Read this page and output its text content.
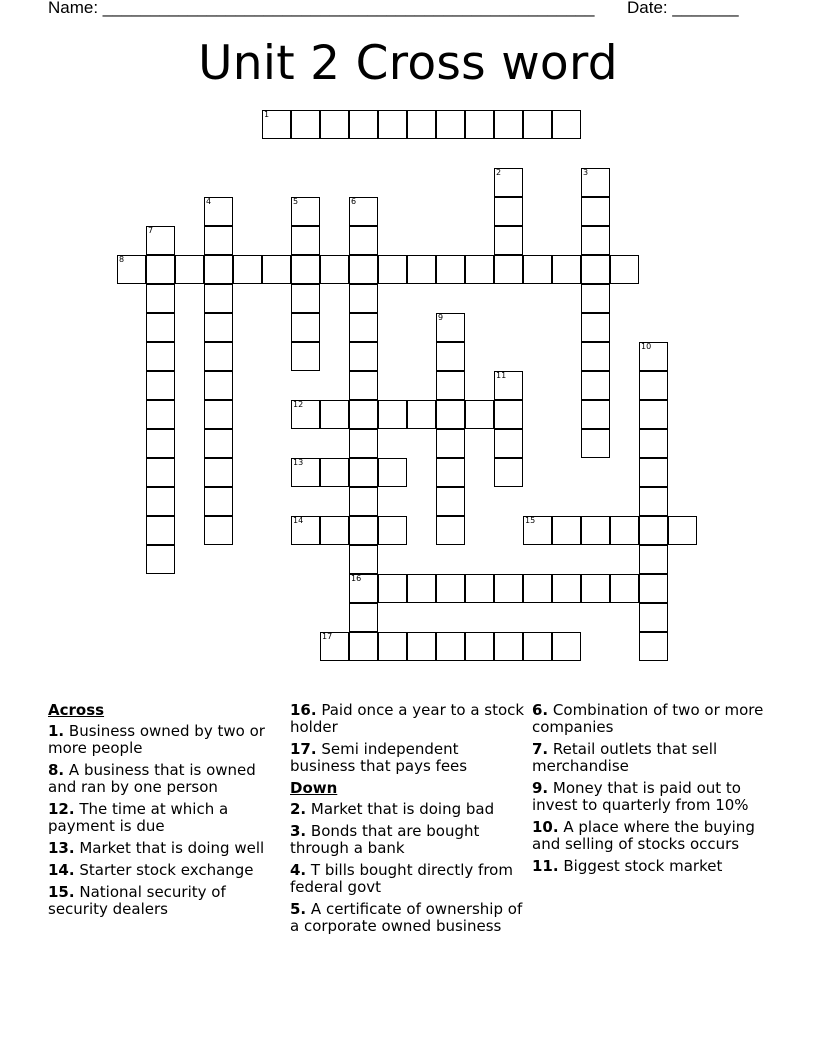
Name: ____________________________________________________ Date: _______
Unit 2 Cross word
1
2	3
4	5	6
16
7
8
9
10
11
12
13
14	15
17
Across
1. Business owned by two or more people
8. A business that is owned and ran by one person
12. The time at which a payment is due
13. Market that is doing well
14. Starter stock exchange
15. National security of security dealers
16. Paid once a year to a stock holder
17. Semi independent business that pays fees
Down
2. Market that is doing bad
3. Bonds that are bought through a bank
4. T bills bought directly from federal govt
5. A certificate of ownership of a corporate owned business
6. Combination of two or more companies
7. Retail outlets that sell merchandise
9. Money that is paid out to invest to quarterly from 10%
10. A place where the buying and selling of stocks occurs
11. Biggest stock market
